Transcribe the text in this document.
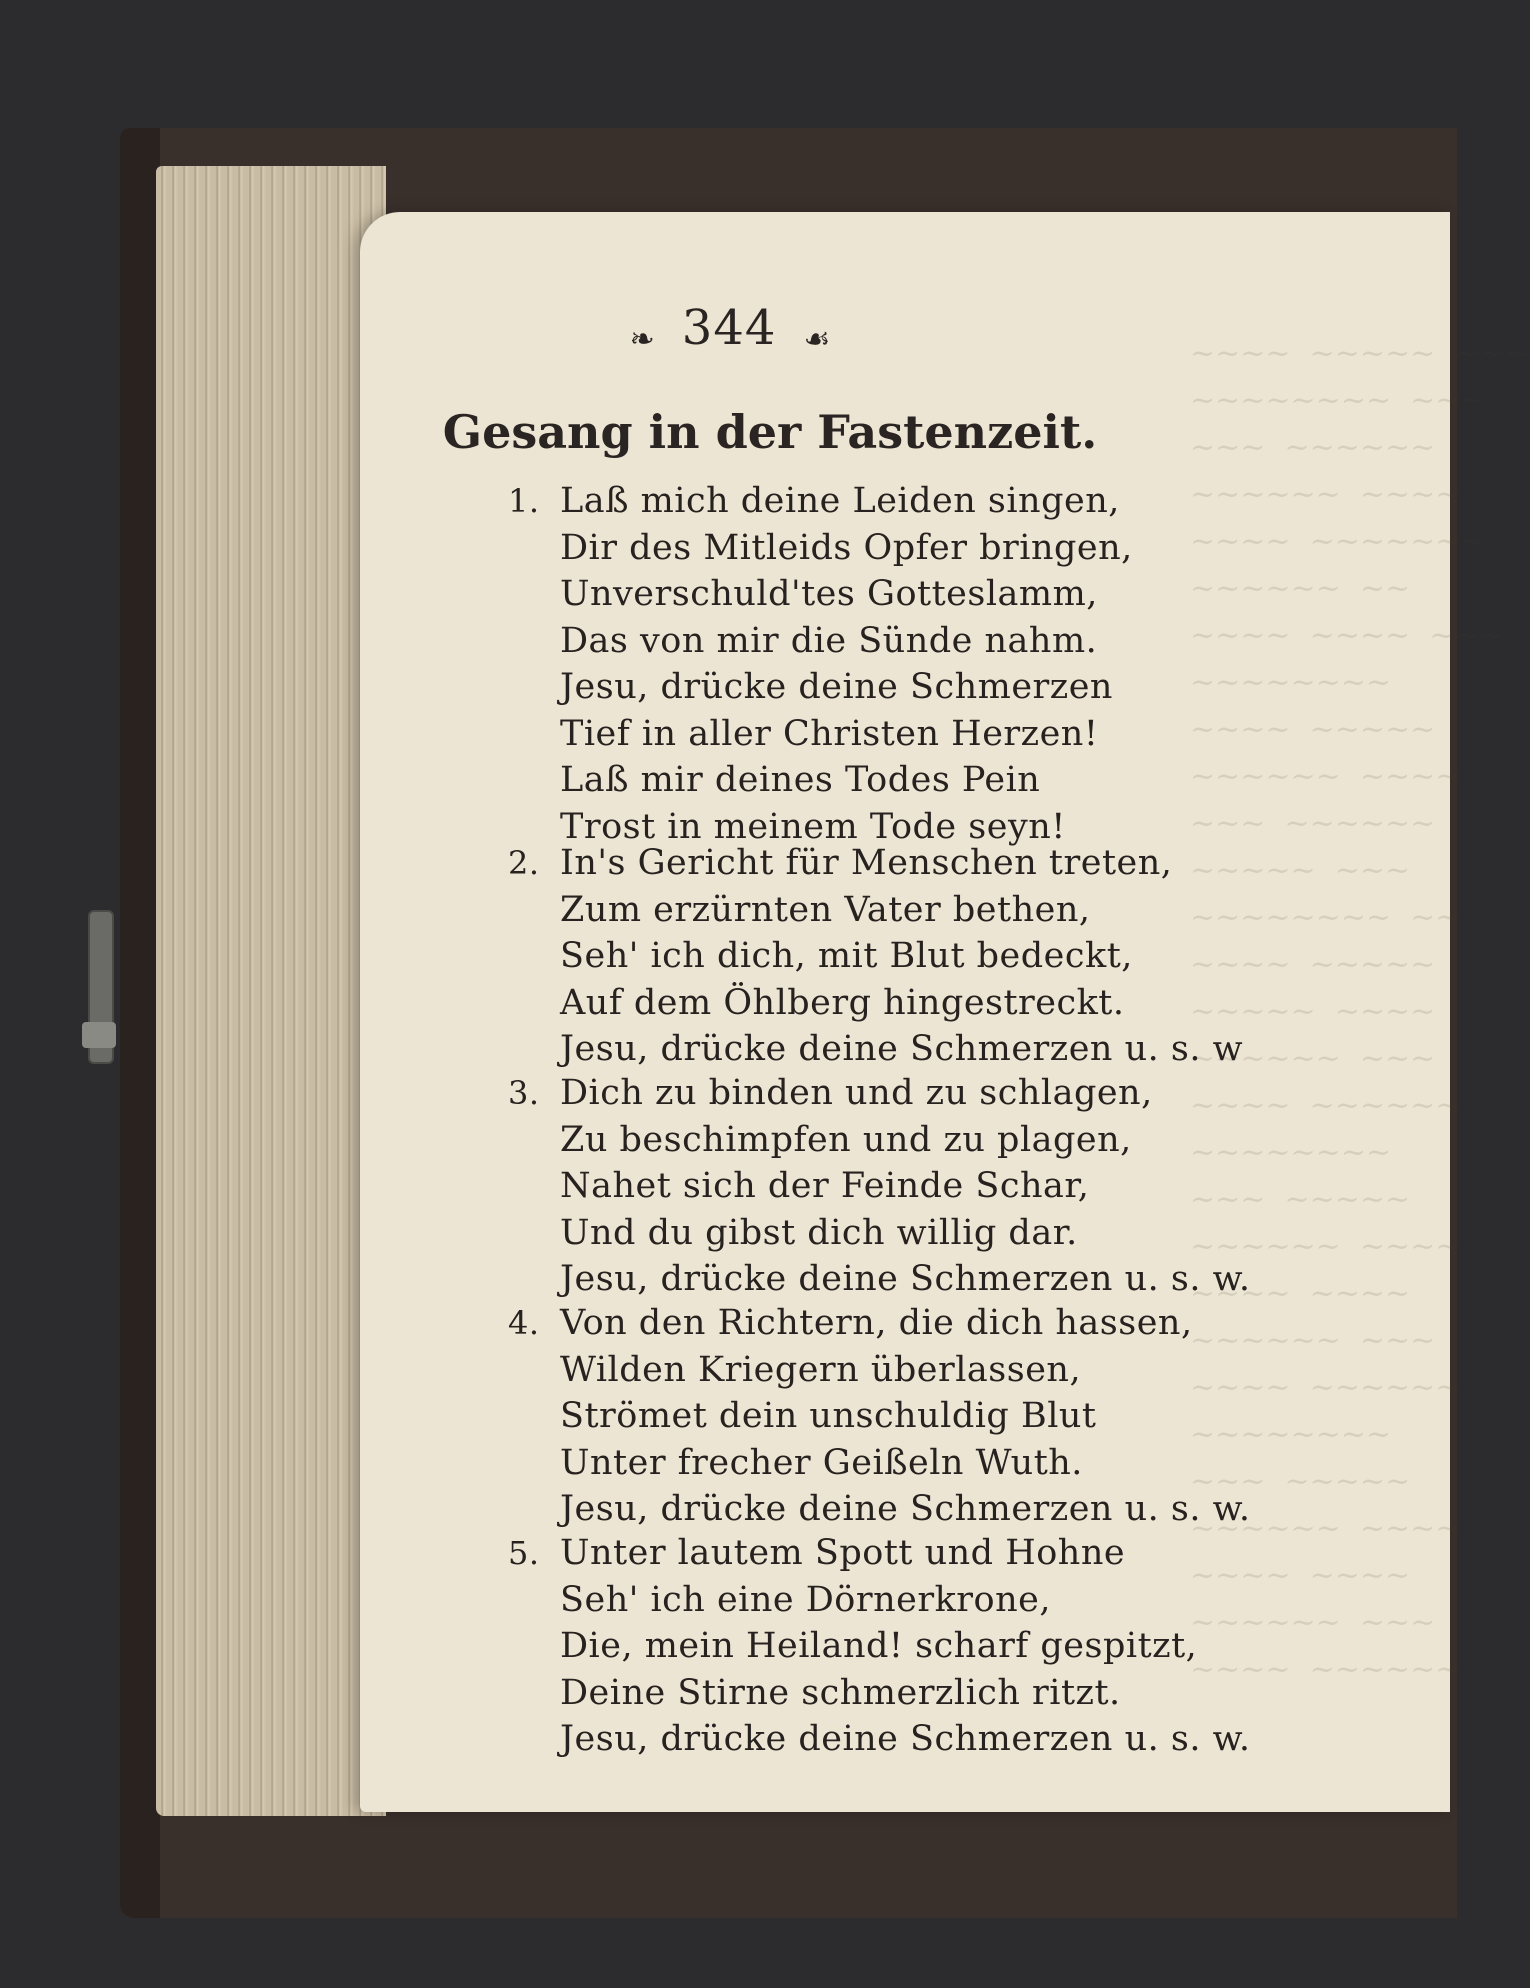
~~~~  ~~~~~  ~~~
~~~~~~~~
~~~  ~~~~~~
~~~~~~  ~~~~
~~~~  ~~~~~~~
~~~~~~  ~~
~~~~  ~~~~  ~~~
~~~~~~~~
~~~~  ~~~~~
~~~~~~  ~~~~
~~~  ~~~~~~
~~~~~  ~~~
~~~~~~~~  ~~
~~~~  ~~~~~
~~~~~  ~~~~
~~~~~~  ~~~
~~~~  ~~~~~~
~~~~~~~~
~~~  ~~~~~
~~~~~~  ~~~~
~~~~  ~~~~
~~~~~~  ~~~
~~~~  ~~~~~~
~~~~~~~~
~~~  ~~~~~
~~~~~~  ~~~~
~~~~  ~~~~
~~~~~~  ~~~
~~~~  ~~~~~~
❧ 344 ☙
Gesang in der Fastenzeit.
1. Laß mich deine Leiden singen,
Dir des Mitleids Opfer bringen,
Unverschuld'tes Gotteslamm,
Das von mir die Sünde nahm.
Jesu, drücke deine Schmerzen
Tief in aller Christen Herzen!
Laß mir deines Todes Pein
Trost in meinem Tode seyn!
2. In's Gericht für Menschen treten,
Zum erzürnten Vater bethen,
Seh' ich dich, mit Blut bedeckt,
Auf dem Öhlberg hingestreckt.
Jesu, drücke deine Schmerzen u. s. w
3. Dich zu binden und zu schlagen,
Zu beschimpfen und zu plagen,
Nahet sich der Feinde Schar,
Und du gibst dich willig dar.
Jesu, drücke deine Schmerzen u. s. w.
4. Von den Richtern, die dich hassen,
Wilden Kriegern überlassen,
Strömet dein unschuldig Blut
Unter frecher Geißeln Wuth.
Jesu, drücke deine Schmerzen u. s. w.
5. Unter lautem Spott und Hohne
Seh' ich eine Dörnerkrone,
Die, mein Heiland! scharf gespitzt,
Deine Stirne schmerzlich ritzt.
Jesu, drücke deine Schmerzen u. s. w.
